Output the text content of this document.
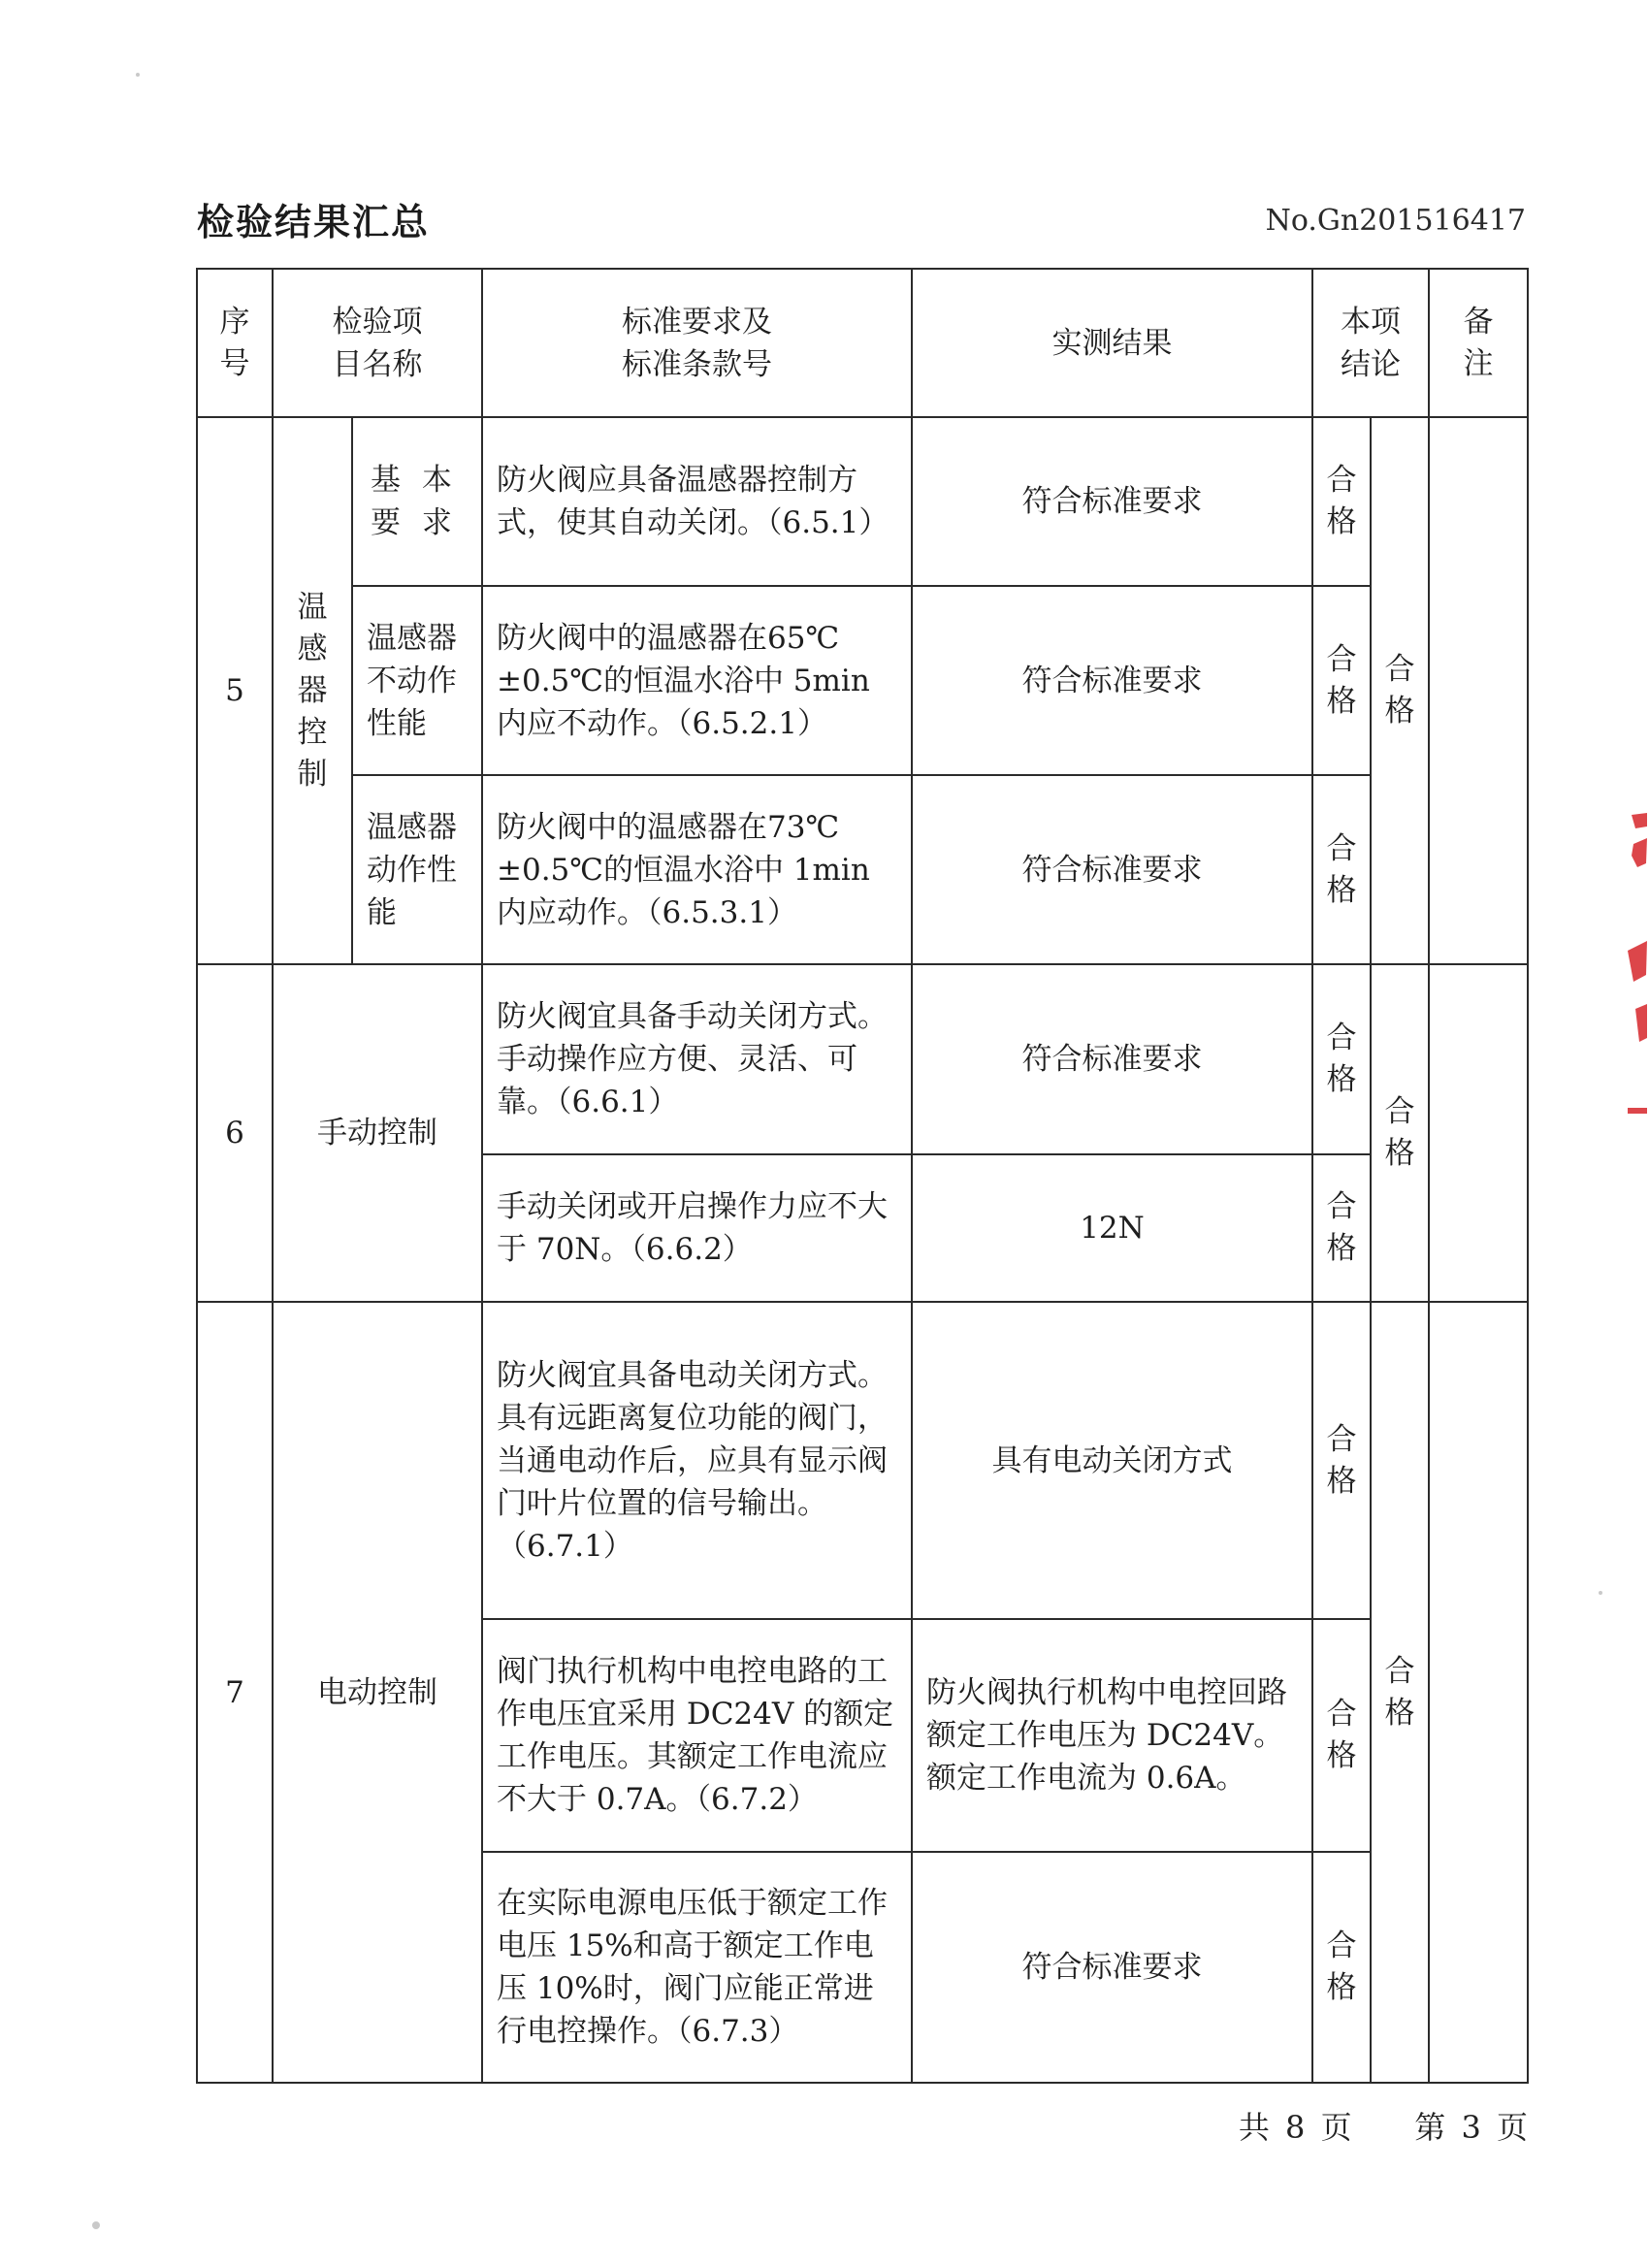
检验结果汇总	No.Gn201516417
序号	检验项目名称		标准要求及标准条款号	实测结果	本项结论		备注

5	温感器控制	基 本 要 求	防火阀应具备温感器控制方式，使其自动关闭。（6.5.1）	符合标准要求	合格	合格	

		温感器不动作性能	防火阀中的温感器在65℃±0.5℃的恒温水浴中 5min 内应不动作。（6.5.2.1）	符合标准要求	合格		

		温感器动作性能	防火阀中的温感器在73℃±0.5℃的恒温水浴中 1min 内应动作。（6.5.3.1）	符合标准要求	合格		

6	手动控制		防火阀宜具备手动关闭方式。手动操作应方便、灵活、可靠。（6.6.1）	符合标准要求	合格	合格	

			手动关闭或开启操作力应不大于 70N。（6.6.2）	12N	合格		

7	电动控制		防火阀宜具备电动关闭方式。具有远距离复位功能的阀门，当通电动作后，应具有显示阀门叶片位置的信号输出。（6.7.1）	具有电动关闭方式	合格	合格	

			阀门执行机构中电控电路的工作电压宜采用 DC24V 的额定工作电压。其额定工作电流应不大于 0.7A。（6.7.2）	防火阀执行机构中电控回路额定工作电压为 DC24V。额定工作电流为 0.6A。	合格		

			在实际电源电压低于额定工作电压 15%和高于额定工作电压 10%时，阀门应能正常进行电控操作。（6.7.3）	符合标准要求	合格		
共 8 页 第 3 页
